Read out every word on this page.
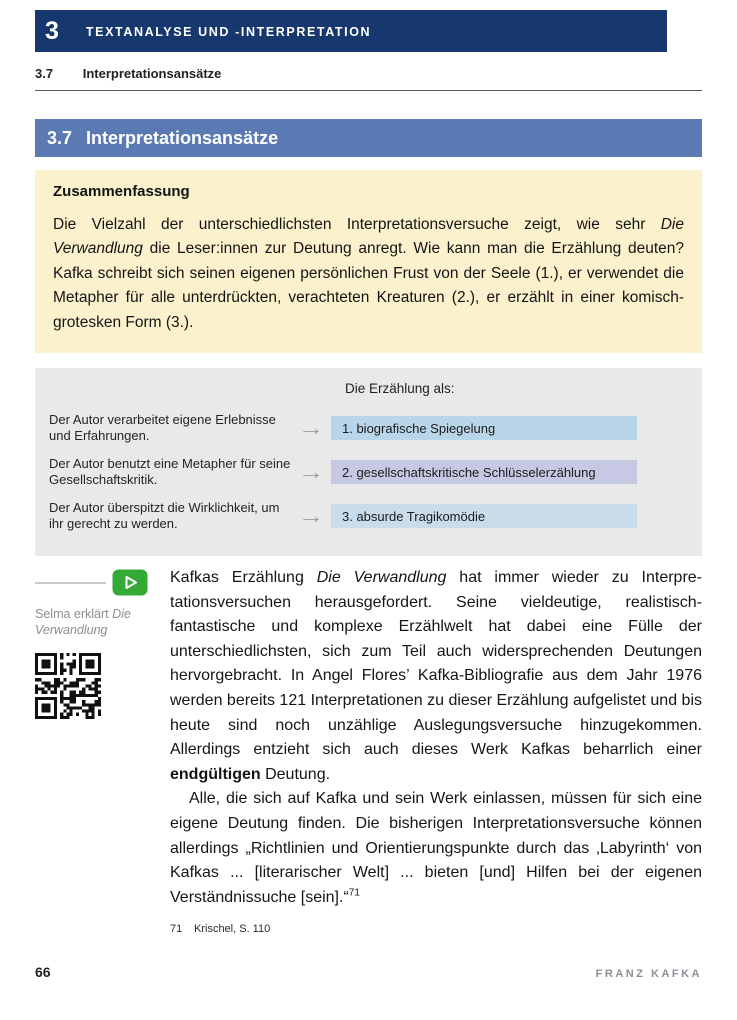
3 TEXTANALYSE UND -INTERPRETATION
3.7 Interpretationsansätze
3.7 Interpretationsansätze
Zusammenfassung

Die Vielzahl der unterschiedlichsten Interpretationsversuche zeigt, wie sehr Die Verwandlung die Leser:innen zur Deutung anregt. Wie kann man die Erzählung deuten? Kafka schreibt sich seinen eigenen persönlichen Frust von der Seele (1.), er verwendet die Metapher für alle unterdrückten, verachteten Kreaturen (2.), er erzählt in einer komisch-grotesken Form (3.).

Die Erzählung als:
Der Autor verarbeitet eigene Erlebnisse und Erfahrungen.	→	1. biografische Spiegelung
Der Autor benutzt eine Metapher für seine Gesellschaftskritik.	→	2. gesellschaftskritische Schlüsselerzählung
Der Autor überspitzt die Wirklichkeit, um ihr gerecht zu werden.	→	3. absurde Tragikomödie

Selma erklärt Die Verwandlung

Kafkas Erzählung Die Verwandlung hat immer wieder zu Interpretationsversuchen herausgefordert. Seine vieldeutige, realistisch-fantastische und komplexe Erzählwelt hat dabei eine Fülle der unterschiedlichsten, sich zum Teil auch widersprechenden Deutungen hervorgebracht. In Angel Flores’ Kafka-Bibliografie aus dem Jahr 1976 werden bereits 121 Interpretationen zu dieser Erzählung aufgelistet und bis heute sind noch unzählige Auslegungsversuche hinzugekommen. Allerdings entzieht sich auch dieses Werk Kafkas beharrlich einer endgültigen Deutung.

Alle, die sich auf Kafka und sein Werk einlassen, müssen für sich eine eigene Deutung finden. Die bisherigen Interpretationsversuche können allerdings „Richtlinien und Orientierungspunkte durch das ‚Labyrinth‘ von Kafkas ... [literarischer Welt] ... bieten [und] Hilfen bei der eigenen Verständnissuche [sein].“$^{71}$

71	Krischel, S. 110
66	FRANZ KAFKA
